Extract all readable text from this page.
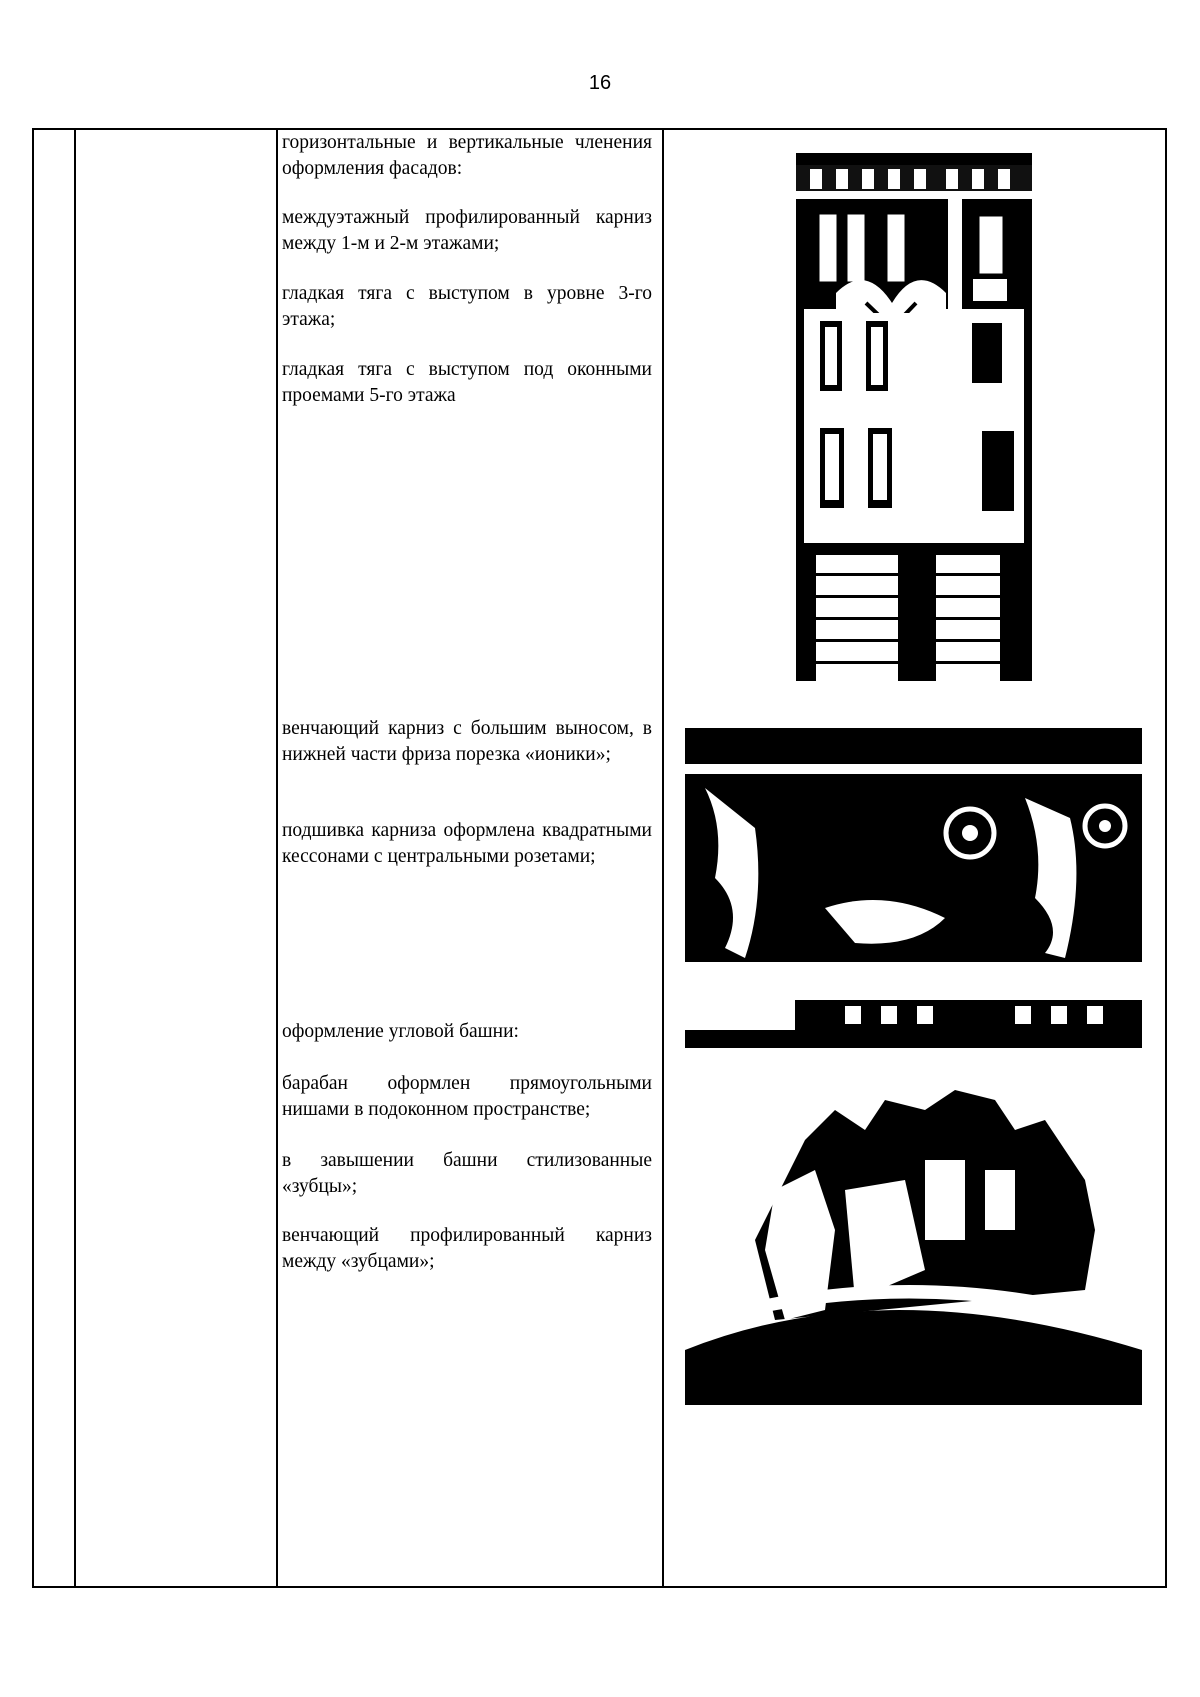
16

горизонтальные и вертикальные членения оформления фасадов:

междуэтажный профилированный карниз между 1-м и 2-м этажами;

гладкая тяга с выступом в уровне 3-го этажа;

гладкая тяга с выступом под оконными проемами 5-го этажа

венчающий карниз с большим выносом, в нижней части фриза порезка «ионики»;

подшивка карниза оформлена квадратными кессонами с центральными розетами;

оформление угловой башни:

барабан оформлен прямоугольными нишами в подоконном пространстве;

в завышении башни стилизованные «зубцы»;

венчающий профилированный карниз между «зубцами»;
